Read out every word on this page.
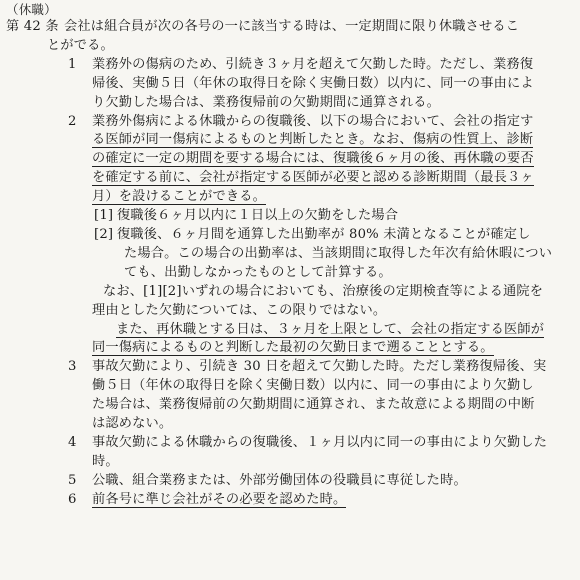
（休職）
第 42 条 会社は組合員が次の各号の一に該当する時は、一定期間に限り休職させるこ
とがでる。
1 業務外の傷病のため、引続き３ヶ月を超えて欠勤した時。ただし、業務復
帰後、実働５日（年休の取得日を除く実働日数）以内に、同一の事由によ
り欠勤した場合は、業務復帰前の欠勤期間に通算される。
2 業務外傷病による休職からの復職後、以下の場合において、会社の指定す
る医師が同一傷病によるものと判断したとき。なお、傷病の性質上、診断
の確定に一定の期間を要する場合には、復職後６ヶ月の後、再休職の要否
を確定する前に、会社が指定する医師が必要と認める診断期間（最長３ヶ
月）を設けることができる。
[1] 復職後６ヶ月以内に１日以上の欠勤をした場合
[2] 復職後、６ヶ月間を通算した出勤率が 80% 未満となることが確定し
た場合。この場合の出勤率は、当該期間に取得した年次有給休暇につい
ても、出勤しなかったものとして計算する。
なお、[1][2]いずれの場合においても、治療後の定期検査等による通院を
理由とした欠勤については、この限りではない。
また、再休職とする日は、３ヶ月を上限として、会社の指定する医師が
同一傷病によるものと判断した最初の欠勤日まで遡ることとする。
3 事故欠勤により、引続き 30 日を超えて欠勤した時。ただし業務復帰後、実
働５日（年休の取得日を除く実働日数）以内に、同一の事由により欠勤し
た場合は、業務復帰前の欠勤期間に通算され、また故意による期間の中断
は認めない。
4 事故欠勤による休職からの復職後、１ヶ月以内に同一の事由により欠勤した
時。
5 公職、組合業務または、外部労働団体の役職員に専従した時。
6 前各号に準じ会社がその必要を認めた時。
